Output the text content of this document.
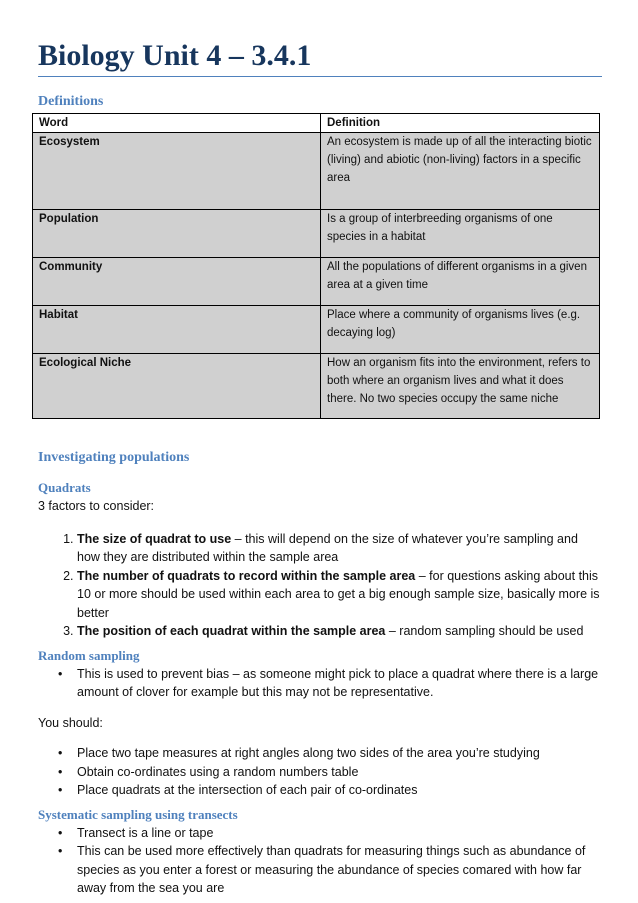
Biology Unit 4 – 3.4.1
Definitions
Word	Definition
Ecosystem	An ecosystem is made up of all the interacting biotic (living) and abiotic (non-living) factors in a specific area
Population	Is a group of interbreeding organisms of one species in a habitat
Community	All the populations of different organisms in a given area at a given time
Habitat	Place where a community of organisms lives (e.g. decaying log)
Ecological Niche	How an organism fits into the environment, refers to both where an organism lives and what it does there. No two species occupy the same niche
Investigating populations
Quadrats

3 factors to consider:

1. The size of quadrat to use – this will depend on the size of whatever you’re sampling and how they are distributed within the sample area
2. The number of quadrats to record within the sample area – for questions asking about this 10 or more should be used within each area to get a big enough sample size, basically more is better
3. The position of each quadrat within the sample area – random sampling should be used
Random sampling
• This is used to prevent bias – as someone might pick to place a quadrat where there is a large amount of clover for example but this may not be representative.

You should:

• Place two tape measures at right angles along two sides of the area you’re studying
• Obtain co-ordinates using a random numbers table
• Place quadrats at the intersection of each pair of co-ordinates
Systematic sampling using transects
• Transect is a line or tape
• This can be used more effectively than quadrats for measuring things such as abundance of species as you enter a forest or measuring the abundance of species comared with how far away from the sea you are
